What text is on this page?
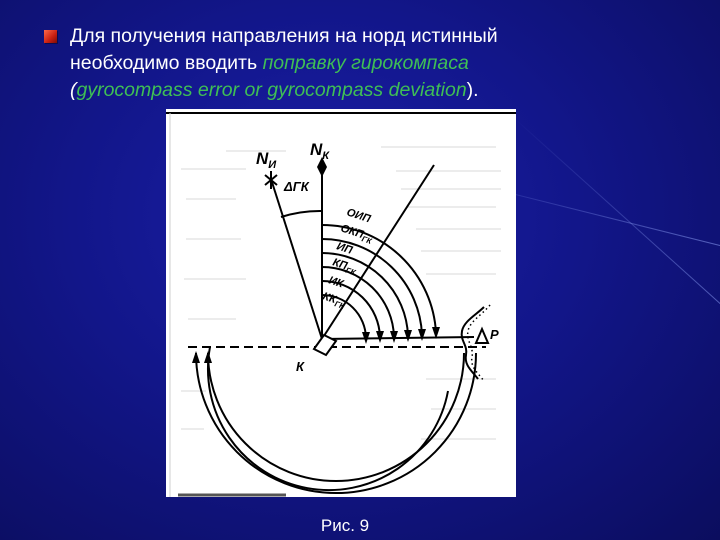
Для получения направления на норд истинный
необходимо вводить поправку гирокомпаса
(gyrocompass error or gyrocompass deviation).
$N_И$
$N_К$
ΔГК
ОИП
$ОКП_{ГК}$
ИП
$КП_{ГК}$
ИК
$КК_{ГК}$
К
Р
Рис. 9
